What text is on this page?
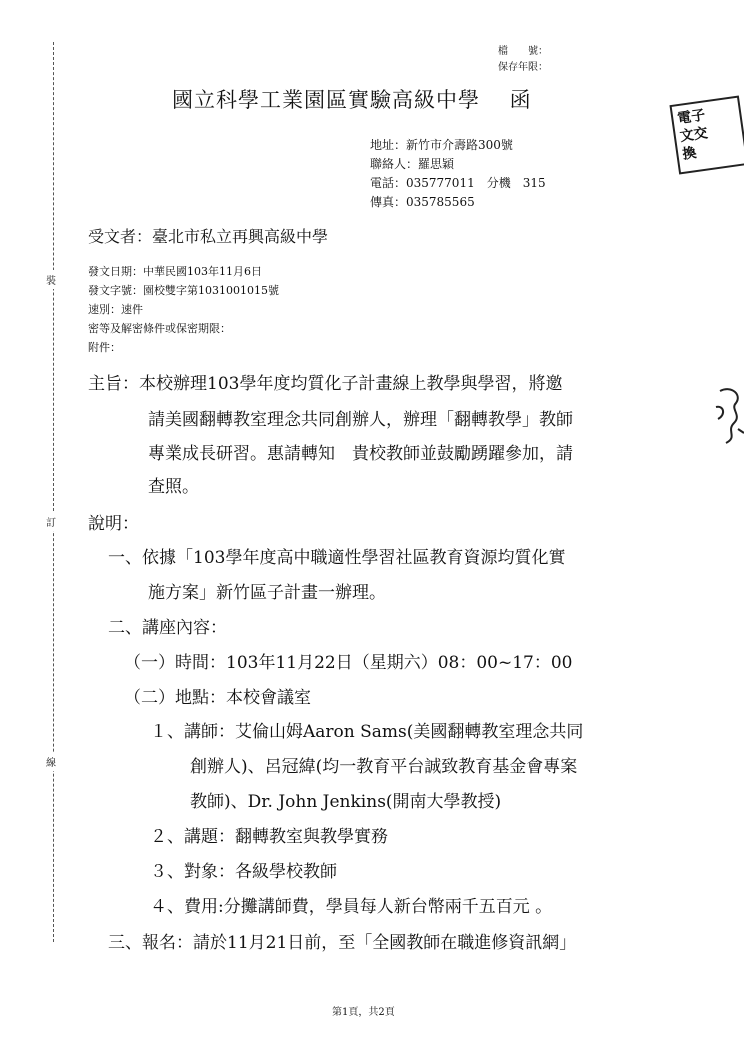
裝
訂
線
檔　　號：
保存年限：
國立科學工業園區實驗高級中學　 函
電子
文交
換
地址：新竹市介壽路300號
聯絡人：羅思穎
電話：035777011　分機　315
傳真：035785565
受文者：臺北市私立再興高級中學
發文日期：中華民國103年11月6日
發文字號：園校雙字第1031001015號
速別：速件
密等及解密條件或保密期限：
附件：
主旨：本校辦理103學年度均質化子計畫線上教學與學習，將邀
請美國翻轉教室理念共同創辦人，辦理「翻轉教學」教師
專業成長研習。惠請轉知　貴校教師並鼓勵踴躍參加，請
查照。
說明：
一、依據「103學年度高中職適性學習社區教育資源均質化實
施方案」新竹區子計畫一辦理。
二、講座內容：
（一）時間：103年11月22日（星期六）08：00~17：00
（二）地點：本校會議室
１、講師：艾倫山姆Aaron Sams(美國翻轉教室理念共同
創辦人)、呂冠緯(均一教育平台誠致教育基金會專案
教師)、Dr. John Jenkins(開南大學教授)
２、講題：翻轉教室與教學實務
３、對象：各級學校教師
４、費用:分攤講師費，學員每人新台幣兩千五百元 。
三、報名：請於11月21日前，至「全國教師在職進修資訊網」
第1頁，共2頁
